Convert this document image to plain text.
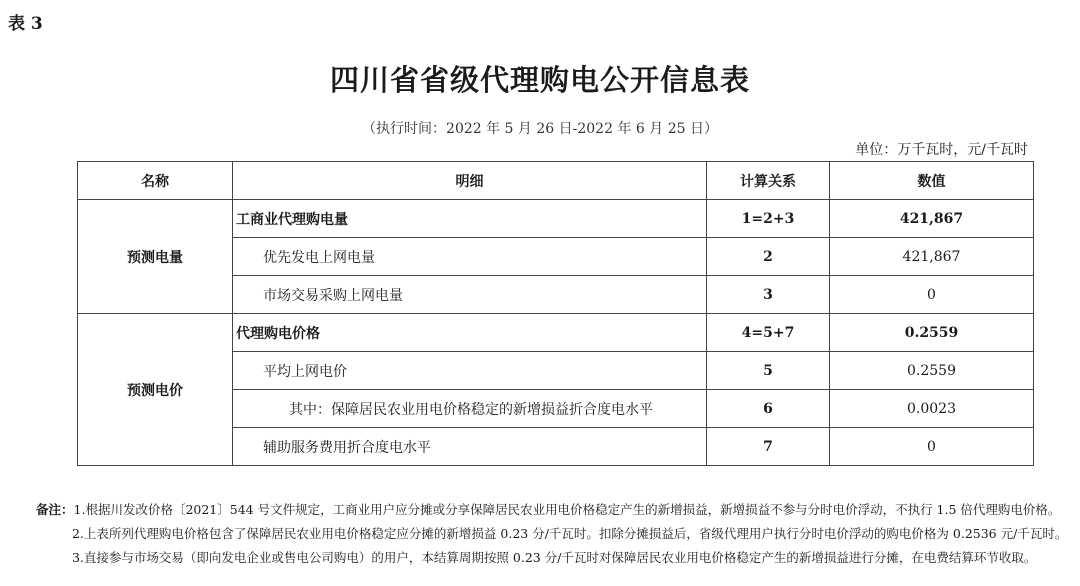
表 3
四川省省级代理购电公开信息表
（执行时间：2022 年 5 月 26 日-2022 年 6 月 25 日）
单位：万千瓦时，元/千瓦时
名称	明细	计算关系	数值
预测电量	工商业代理购电量	1=2+3	421,867
	优先发电上网电量	2	421,867
	市场交易采购上网电量	3	0
预测电价	代理购电价格	4=5+7	0.2559
	平均上网电价	5	0.2559
	其中：保障居民农业用电价格稳定的新增损益折合度电水平	6	0.0023
	辅助服务费用折合度电水平	7	0
备注：1.根据川发改价格〔2021〕544 号文件规定，工商业用户应分摊或分享保障居民农业用电价格稳定产生的新增损益，新增损益不参与分时电价浮动，不执行 1.5 倍代理购电价格。
2.上表所列代理购电价格包含了保障居民农业用电价格稳定应分摊的新增损益 0.23 分/千瓦时。扣除分摊损益后，省级代理用户执行分时电价浮动的购电价格为 0.2536 元/千瓦时。
3.直接参与市场交易（即向发电企业或售电公司购电）的用户，本结算周期按照 0.23 分/千瓦时对保障居民农业用电价格稳定产生的新增损益进行分摊，在电费结算环节收取。
